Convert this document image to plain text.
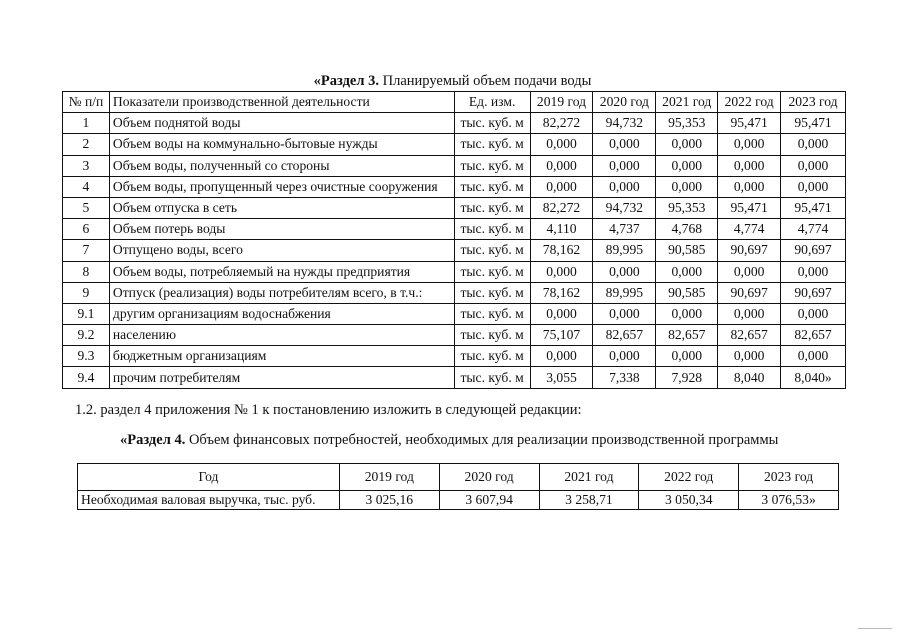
«Раздел 3. Планируемый объем подачи воды
№ п/п	Показатели производственной деятельности	Ед. изм.	2019 год	2020 год	2021 год	2022 год	2023 год
1	Объем поднятой воды	тыс. куб. м	82,272	94,732	95,353	95,471	95,471
2	Объем воды на коммунально-бытовые нужды	тыс. куб. м	0,000	0,000	0,000	0,000	0,000
3	Объем воды, полученный со стороны	тыс. куб. м	0,000	0,000	0,000	0,000	0,000
4	Объем воды, пропущенный через очистные сооружения	тыс. куб. м	0,000	0,000	0,000	0,000	0,000
5	Объем отпуска в сеть	тыс. куб. м	82,272	94,732	95,353	95,471	95,471
6	Объем потерь воды	тыс. куб. м	4,110	4,737	4,768	4,774	4,774
7	Отпущено воды, всего	тыс. куб. м	78,162	89,995	90,585	90,697	90,697
8	Объем воды, потребляемый на нужды предприятия	тыс. куб. м	0,000	0,000	0,000	0,000	0,000
9	Отпуск (реализация) воды потребителям всего, в т.ч.:	тыс. куб. м	78,162	89,995	90,585	90,697	90,697
9.1	другим организациям водоснабжения	тыс. куб. м	0,000	0,000	0,000	0,000	0,000
9.2	населению	тыс. куб. м	75,107	82,657	82,657	82,657	82,657
9.3	бюджетным организациям	тыс. куб. м	0,000	0,000	0,000	0,000	0,000
9.4	прочим потребителям	тыс. куб. м	3,055	7,338	7,928	8,040	8,040»
1.2. раздел 4 приложения № 1 к постановлению изложить в следующей редакции:
«Раздел 4. Объем финансовых потребностей, необходимых для реализации производственной программы
Год	2019 год	2020 год	2021 год	2022 год	2023 год
Необходимая валовая выручка, тыс. руб.	3 025,16	3 607,94	3 258,71	3 050,34	3 076,53»
